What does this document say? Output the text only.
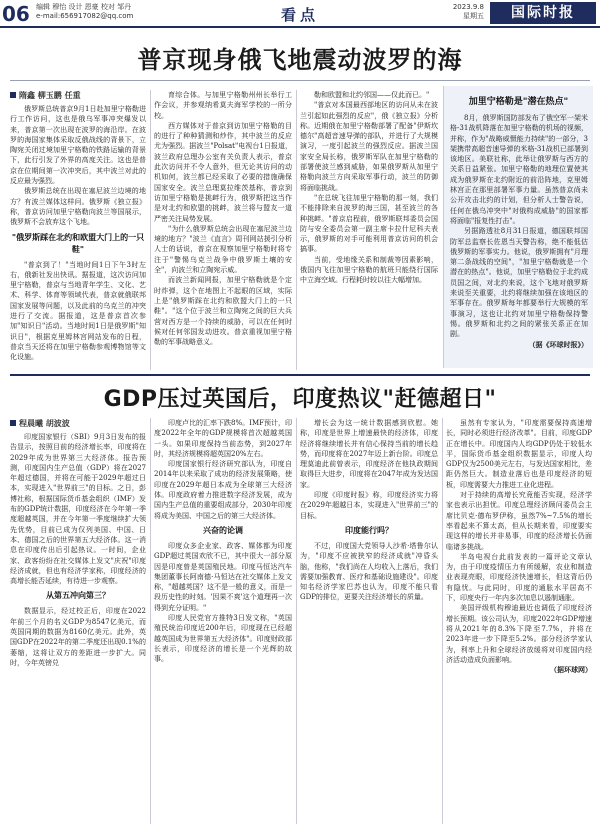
06 编辑 穆怡 设计 恩豪 校对 邹丹
e-mail:656917082@qq.com	看点	2023.9.8
星期五	国际时报
普京现身俄飞地震动波罗的海
隋鑫 柳玉鹏 任重

俄罗斯总统普京9月1日赴加里宁格勒进行工作访问，这也是俄乌军事冲突爆发以来，普京第一次出现在波罗的海沿岸。在波罗的海国家集体采取反俄战线的背景下，立陶宛关闭过境加里宁格勒的铁路运输的背景下，此行引发了外界的高度关注。这也是普京在位期间第一次冲突后，其中波兰对此的反应最为强烈。

俄罗斯总统在出现在塞尼波兰边境的地方？有波兰媒体这样问。俄罗斯《独立报》称，普京访问加里宁格勒向波兰等国展示，俄罗斯不会放弃这个飞地。

"俄罗斯踩在北约和欧盟大门上的一只鞋"

"普京到了！"当地时间1日下午3时左右，俄新社发出快讯。据报道，这次访问加里宁格勒，普京与当地青年学生、文化、艺术、科学、体育等领域代表，普京就俄联邦国家发展等问题，以及此前的乌克兰的冲突进行了交流。据报道，这是普京首次参加"知识日"活动。当地时间1日是俄罗斯"知识日"，根据克里姆林宫网站发布的日程，普京当天还将在加里宁格勒参观博物馆等文化设施。

育综合体。与加里宁格勒州州长举行工作会议，并参观纳希莫夫海军学校的一所分校。

西方媒体对于普京到访加里宁格勒的目的进行了种种猜测和炒作，其中波兰的反应尤为强烈。据波兰"Polsat"电视台1日报道，波兰政府总理办公室有关负责人表示，普京此次访问并不令人意外，但无论其访问的动机如何，波兰都已经采取了必要的措施确保国家安全。波兰总理莫拉维茨基称，普京到访加里宁格勒是挑衅行为，俄罗斯把这当作是对北约和欧盟的挑衅，波兰将与盟友一道严密关注局势发展。

"为什么俄罗斯总统会出现在塞尼波兰边境的地方？"波兰《直言》周刊网站援引分析人士的话说，普京在视察加里宁格勒时将专注于"警惕乌克兰战争中俄罗斯土壤的安全"，向波兰和立陶宛示威。

而波兰新闻网报，加里宁格勒就是个定时炸弹，这个在地图上不起眼的区域，实际上是"俄罗斯踩在北约和欧盟大门上的一只鞋"。"这个位于波兰和立陶宛之间的巨大兵营对西方是一个持续的威胁，可以在任何时候对任何邻国发动进攻。普京重视加里宁格勒的军事战略意义。

勒和欧盟和北约邻国——仅此而已。"

"普京对本国最西部地区的访问从未在波兰引起如此强烈的反应"，俄《独立报》分析称。近期俄在加里宁格勒部署了配备"伊斯坎德尔"高超音速导弹的部队，并进行了大规模演习，一度引起波兰的强烈反应。据波兰国家安全局长称，俄罗斯军队在加里宁格勒的部署使波兰感到威胁，如果俄罗斯从加里宁格勒向波兰方向采取军事行动，波兰的防御将面临挑战。

"在总统飞往加里宁格勒的那一刻，我们不能排除来自波罗的海三国，甚至波兰的各种挑衅。"普京启程前，俄罗斯联邦委员会国防与安全委员会第一副主席卡拉什尼科夫表示，俄罗斯的对手可能利用普京访问的机会搞事。

当前，受地缘关系和制裁等因素影响，俄国内飞往加里宁格勒的航班只能绕行国际中立海空域。行程耗时较以往大幅增加。

加里宁格勒是"潜在热点"

8月，俄罗斯国防部发布了俄空军一架米格-31战机降落在加里宁格勒的机场的视频，并称，作为"战略威慑能力持续"的一部分，3架携带高超音速导弹的米格-31战机已部署到该地区。美联社称，此举让俄罗斯与西方的关系日益紧张。加里宁格勒的地理位置使其成为俄罗斯在北约附近的前沿阵地，克里姆林宫正在那里部署军事力量。虽然普京尚未公开攻击北约的计划，但分析人士警告说，任何在俄乌冲突中"对俄构成威胁"的国家都将面临"报复性打击"。

另据路透社8月31日报道，德国联邦国防军总监察长佐恩当天警告称，绝不能低估俄罗斯的军事实力。他说，俄罗斯拥有"月理第二条战线的空间"，"加里宁格勒就是一个潜在的热点"。他说，加里宁格勒位于北约成员国之间，对北约来说，这个飞地对俄罗斯来说至关重要，北约将继续加强在该地区的军事存在。俄罗斯每年都要举行大规模的军事演习，这也让北约对加里宁格勒保持警惕。俄罗斯和北约之间的紧张关系正在加剧。

（据《环球时报》）
GDP压过英国后，印度热议"赶德超日"
程晨曦 胡波波

印度国家银行（SBI）9月3日发布的报告显示，按照目前的经济增长率，印度将在2029年成为世界第三大经济体。报告预测，印度国内生产总值（GDP）将在2027年超过德国，并将在可能于2029年超过日本，实现进入"世界前三"的目标。之日，彭博社称，根据国际货币基金组织（IMF）发布的GDP统计数据，印度经济在今年第一季度超越英国，并在今年第一季度继续扩大领先优势，目前已成为仅列美国、中国、日本、德国之后的世界第五大经济体。这一消息在印度传出后引起热议。一时间，企业家、政客纷纷在社交媒体上发文"庆祝"印度经济成就，但也有经济学家称，印度经济的高增长能否延续，有待进一步观察。

从第五冲向第三？

数据显示，经过校正后，印度在2022年前三个月的名义GDP为8547亿美元，而英国同期的数据为8160亿美元。此外，英国GDP在2022年的第二季度还出现0.1%的萎缩，这将让双方的差距进一步扩大。同时，今年英镑兑

印度卢比的汇率下跌8%。IMF预计，印度2022年全年的GDP规模将首次超越英国一头。如果印度保持当前态势，到2027年时，其经济规模将超英国20%左右。

印度国家银行经济研究部认为，印度自2014年以来采取了成功的经济发展策略，使印度在2029年超日本成为全球第三大经济体。印度政府着力推进数字经济发展，成为国内生产总值的重要组成部分，2030年印度将成为美国、中国之后的第三大经济体。

兴奋的论调

印度众多企业家、政客、媒体都为印度GDP超过英国欢欣不已，其中很大一部分原因是印度曾是英国殖民地。印度马恒达汽车集团董事长阿南德·马恒达在社交媒体上发文称，"超越英国？这不是一般的意义，而是一段历史性的时刻。'因果不爽'这个道理再一次得到充分证明。"

印度人民党官方推特3日发文称，"英国殖民统治印度近200年后，印度现在已经超越英国成为世界第五大经济体"。印度财政部长表示，印度经济的增长是一个光辉的故事。

增长会为这一统计数据感到欣慰。她称，印度是世界上增速最快的经济体，印度经济将继续增长并有信心保持当前的增长趋势，而印度将在2027年迈上新台阶。印度总理莫迪此前曾表示，印度经济在他执政期间取得巨大进步，印度将在2047年成为发达国家。

印度《印度时报》称，印度经济实力将在2029年超越日本，实现进入"世界前三"的目标。

印度能行吗？

不过，印度国大党领导人沙希·塔鲁尔认为，"印度不应被狭窄的经济成就"冲昏头脑，他称，"我们尚在人均收入上落后，我们需要加强教育、医疗和基础设施建设"。印度知名经济学家巴苏也认为，印度不能只看GDP的排位，更要关注经济增长的质量。

虽然有专家认为，"印度需要保持高速增长，同时必须进行经济改革"。目前，印度GDP正在增长中。印度国内人均GDP仍处于较低水平，国际货币基金组织数据显示，印度人均GDP仅为2500美元左右，与发达国家相比，差距仍然巨大。制造业落后也是印度经济的短板，印度需要大力推进工业化进程。

对于持续的高增长究竟能否实现，经济学家也表示出担忧。印度总理经济顾问委员会主席比贝克·德布罗伊称，虽然7%~7.5%的增长率看起来不算太高，但从长期来看，印度要实现这样的增长并非易事，印度的经济增长仍面临诸多挑战。

半岛电视台此前发表的一篇评论文章认为，由于印度疫情压力有所缓解，农业和制造业表现亮眼，印度经济快速增长，但这背后仍有隐忧。与此同时，印度的通胀水平居高不下，印度央行一年内多次加息以遏制通胀。

美国评级机构穆迪最近也调低了印度经济增长预期。该公司认为，印度2022年GDP增速将从2021年的8.3%下降至7.7%，并将在2023年进一步下降至5.2%。部分经济学家认为，利率上升和全球经济放缓将对印度国内经济活动造成负面影响。

（据环球网）
